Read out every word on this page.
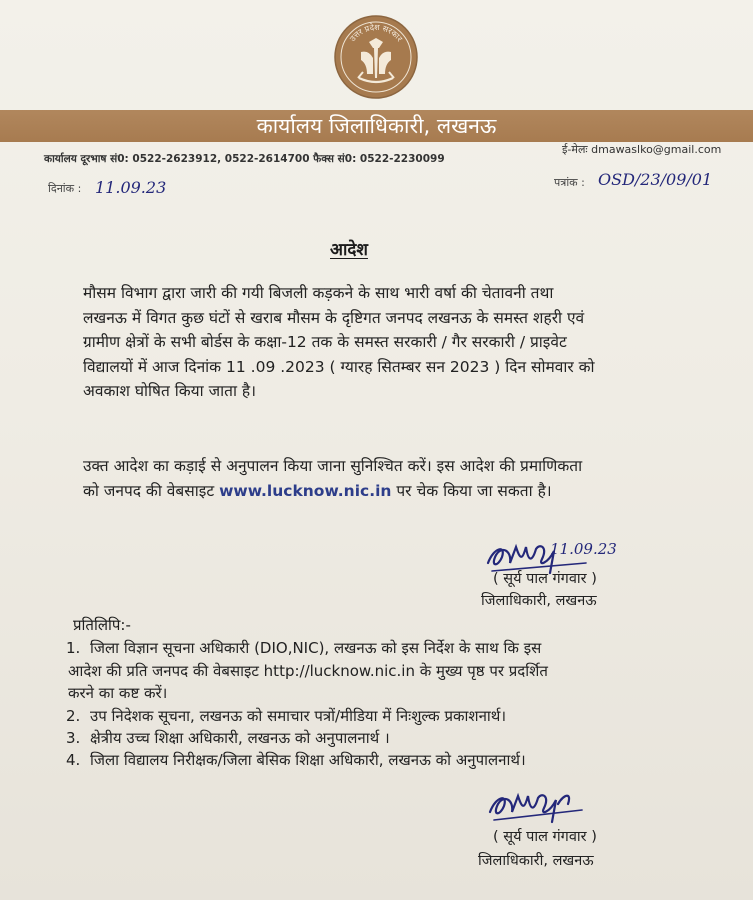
उत्तर प्रदेश सरकार
कार्यालय जिलाधिकारी, लखनऊ
कार्यालय दूरभाष सं0: 0522-2623912, 0522-2614700 फैक्स सं0: 0522-2230099
ई-मेलः dmawaslko@gmail.com
दिनांक : 11.09.23	पत्रांक : OSD/23/09/01
आदेश
मौसम विभाग द्वारा जारी की गयी बिजली कड़कने के साथ भारी वर्षा की चेतावनी तथा
लखनऊ में विगत कुछ घंटों से खराब मौसम के दृष्टिगत जनपद लखनऊ के समस्त शहरी एवं
ग्रामीण क्षेत्रों के सभी बोर्डस के कक्षा-12 तक के समस्त सरकारी / गैर सरकारी / प्राइवेट
विद्यालयों में आज दिनांक 11 .09 .2023 ( ग्यारह सितम्बर सन 2023 ) दिन सोमवार को
अवकाश घोषित किया जाता है।
उक्त आदेश का कड़ाई से अनुपालन किया जाना सुनिश्चित करें। इस आदेश की प्रमाणिकता
को जनपद की वेबसाइट www.lucknow.nic.in पर चेक किया जा सकता है।
11.09.23
( सूर्य पाल गंगवार )
जिलाधिकारी, लखनऊ
प्रतिलिपि:-
1. जिला विज्ञान सूचना अधिकारी (DIO,NIC), लखनऊ को इस निर्देश के साथ कि इस
आदेश की प्रति जनपद की वेबसाइट http://lucknow.nic.in के मुख्य पृष्ठ पर प्रदर्शित
करने का कष्ट करें।
2. उप निदेशक सूचना, लखनऊ को समाचार पत्रों/मीडिया में निःशुल्क प्रकाशनार्थ।
3. क्षेत्रीय उच्च शिक्षा अधिकारी, लखनऊ को अनुपालनार्थ ।
4. जिला विद्यालय निरीक्षक/जिला बेसिक शिक्षा अधिकारी, लखनऊ को अनुपालनार्थ।
( सूर्य पाल गंगवार )
जिलाधिकारी, लखनऊ
